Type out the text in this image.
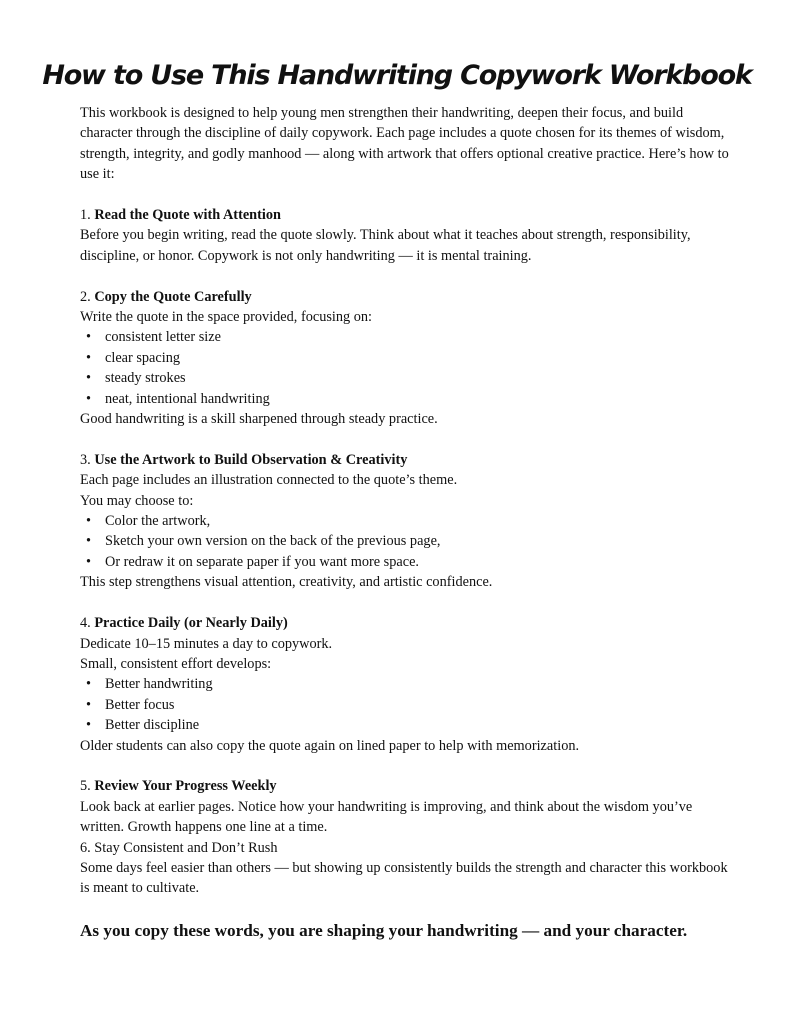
How to Use This Handwriting Copywork Workbook

This workbook is designed to help young men strengthen their handwriting, deepen their focus, and build character through the discipline of daily copywork. Each page includes a quote chosen for its themes of wisdom, strength, integrity, and godly manhood — along with artwork that offers optional creative practice. Here’s how to use it:

1. Read the Quote with Attention

Before you begin writing, read the quote slowly. Think about what it teaches about strength, responsibility, discipline, or honor. Copywork is not only handwriting — it is mental training.

2. Copy the Quote Carefully

Write the quote in the space provided, focusing on:

• consistent letter size
• clear spacing
• steady strokes
• neat, intentional handwriting

Good handwriting is a skill sharpened through steady practice.

3. Use the Artwork to Build Observation & Creativity

Each page includes an illustration connected to the quote’s theme.

You may choose to:

• Color the artwork,
• Sketch your own version on the back of the previous page,
• Or redraw it on separate paper if you want more space.

This step strengthens visual attention, creativity, and artistic confidence.

4. Practice Daily (or Nearly Daily)

Dedicate 10–15 minutes a day to copywork.

Small, consistent effort develops:

• Better handwriting
• Better focus
• Better discipline

Older students can also copy the quote again on lined paper to help with memorization.

5. Review Your Progress Weekly

Look back at earlier pages. Notice how your handwriting is improving, and think about the wisdom you’ve written. Growth happens one line at a time.

6. Stay Consistent and Don’t Rush

Some days feel easier than others — but showing up consistently builds the strength and character this workbook is meant to cultivate.

As you copy these words, you are shaping your handwriting — and your character.
